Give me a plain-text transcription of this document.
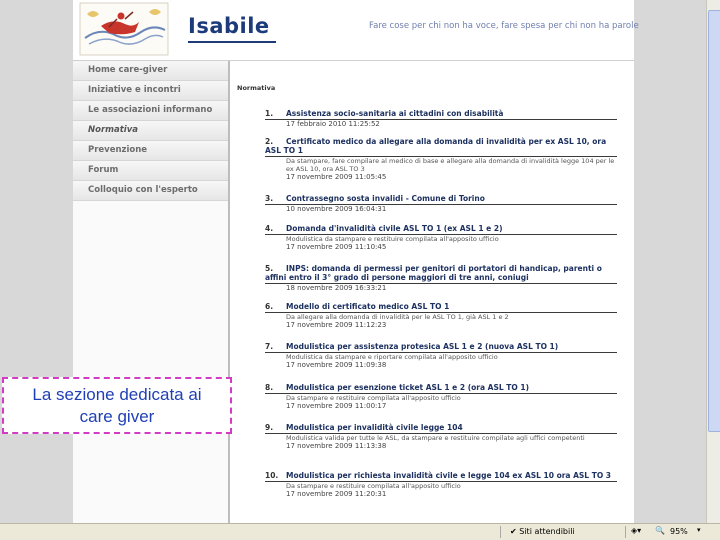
Isabile	Fare cose per chi non ha voce, fare spesa per chi non ha parole
Home care-giver
Iniziative e incontri
Le associazioni informano
Normativa
Prevenzione
Forum
Colloquio con l'esperto
Normativa
1. Assistenza socio-sanitaria ai cittadini con disabilità
17 febbraio 2010 11:25:52
2.	Certificato medico da allegare alla domanda di invalidità per ex ASL 10, ora ASL TO 1
Da stampare, fare compilare al medico di base e allegare alla domanda di invalidità legge 104 per le ex ASL 10, ora ASL TO 3
17 novembre 2009 11:05:45
3. Contrassegno sosta invalidi - Comune di Torino
10 novembre 2009 16:04:31
4. Domanda d'invalidità civile ASL TO 1 (ex ASL 1 e 2)
Modulistica da stampare e restituire compilata all'apposito ufficio
17 novembre 2009 11:10:45
5.	INPS: domanda di permessi per genitori di portatori di handicap, parenti o affini entro il 3° grado di persone maggiori di tre anni, coniugi
18 novembre 2009 16:33:21
6. Modello di certificato medico ASL TO 1
Da allegare alla domanda di invalidità per le ASL TO 1, già ASL 1 e 2
17 novembre 2009 11:12:23
7. Modulistica per assistenza protesica ASL 1 e 2 (nuova ASL TO 1)
Modulistica da stampare e riportare compilata all'apposito ufficio
17 novembre 2009 11:09:38
8. Modulistica per esenzione ticket ASL 1 e 2 (ora ASL TO 1)
Da stampare e restituire compilata all'apposito ufficio
17 novembre 2009 11:00:17
9. Modulistica per invalidità civile legge 104
Modulistica valida per tutte le ASL, da stampare e restituire compilate agli uffici competenti
17 novembre 2009 11:13:38
10.	Modulistica per richiesta invalidità civile e legge 104 ex ASL 10 ora ASL TO 3
Da stampare e restituire compilata all'apposito ufficio
17 novembre 2009 11:20:31
La sezione dedicata ai
care giver
✔ Siti attendibili	◈▾ 🔍 95% ▾
